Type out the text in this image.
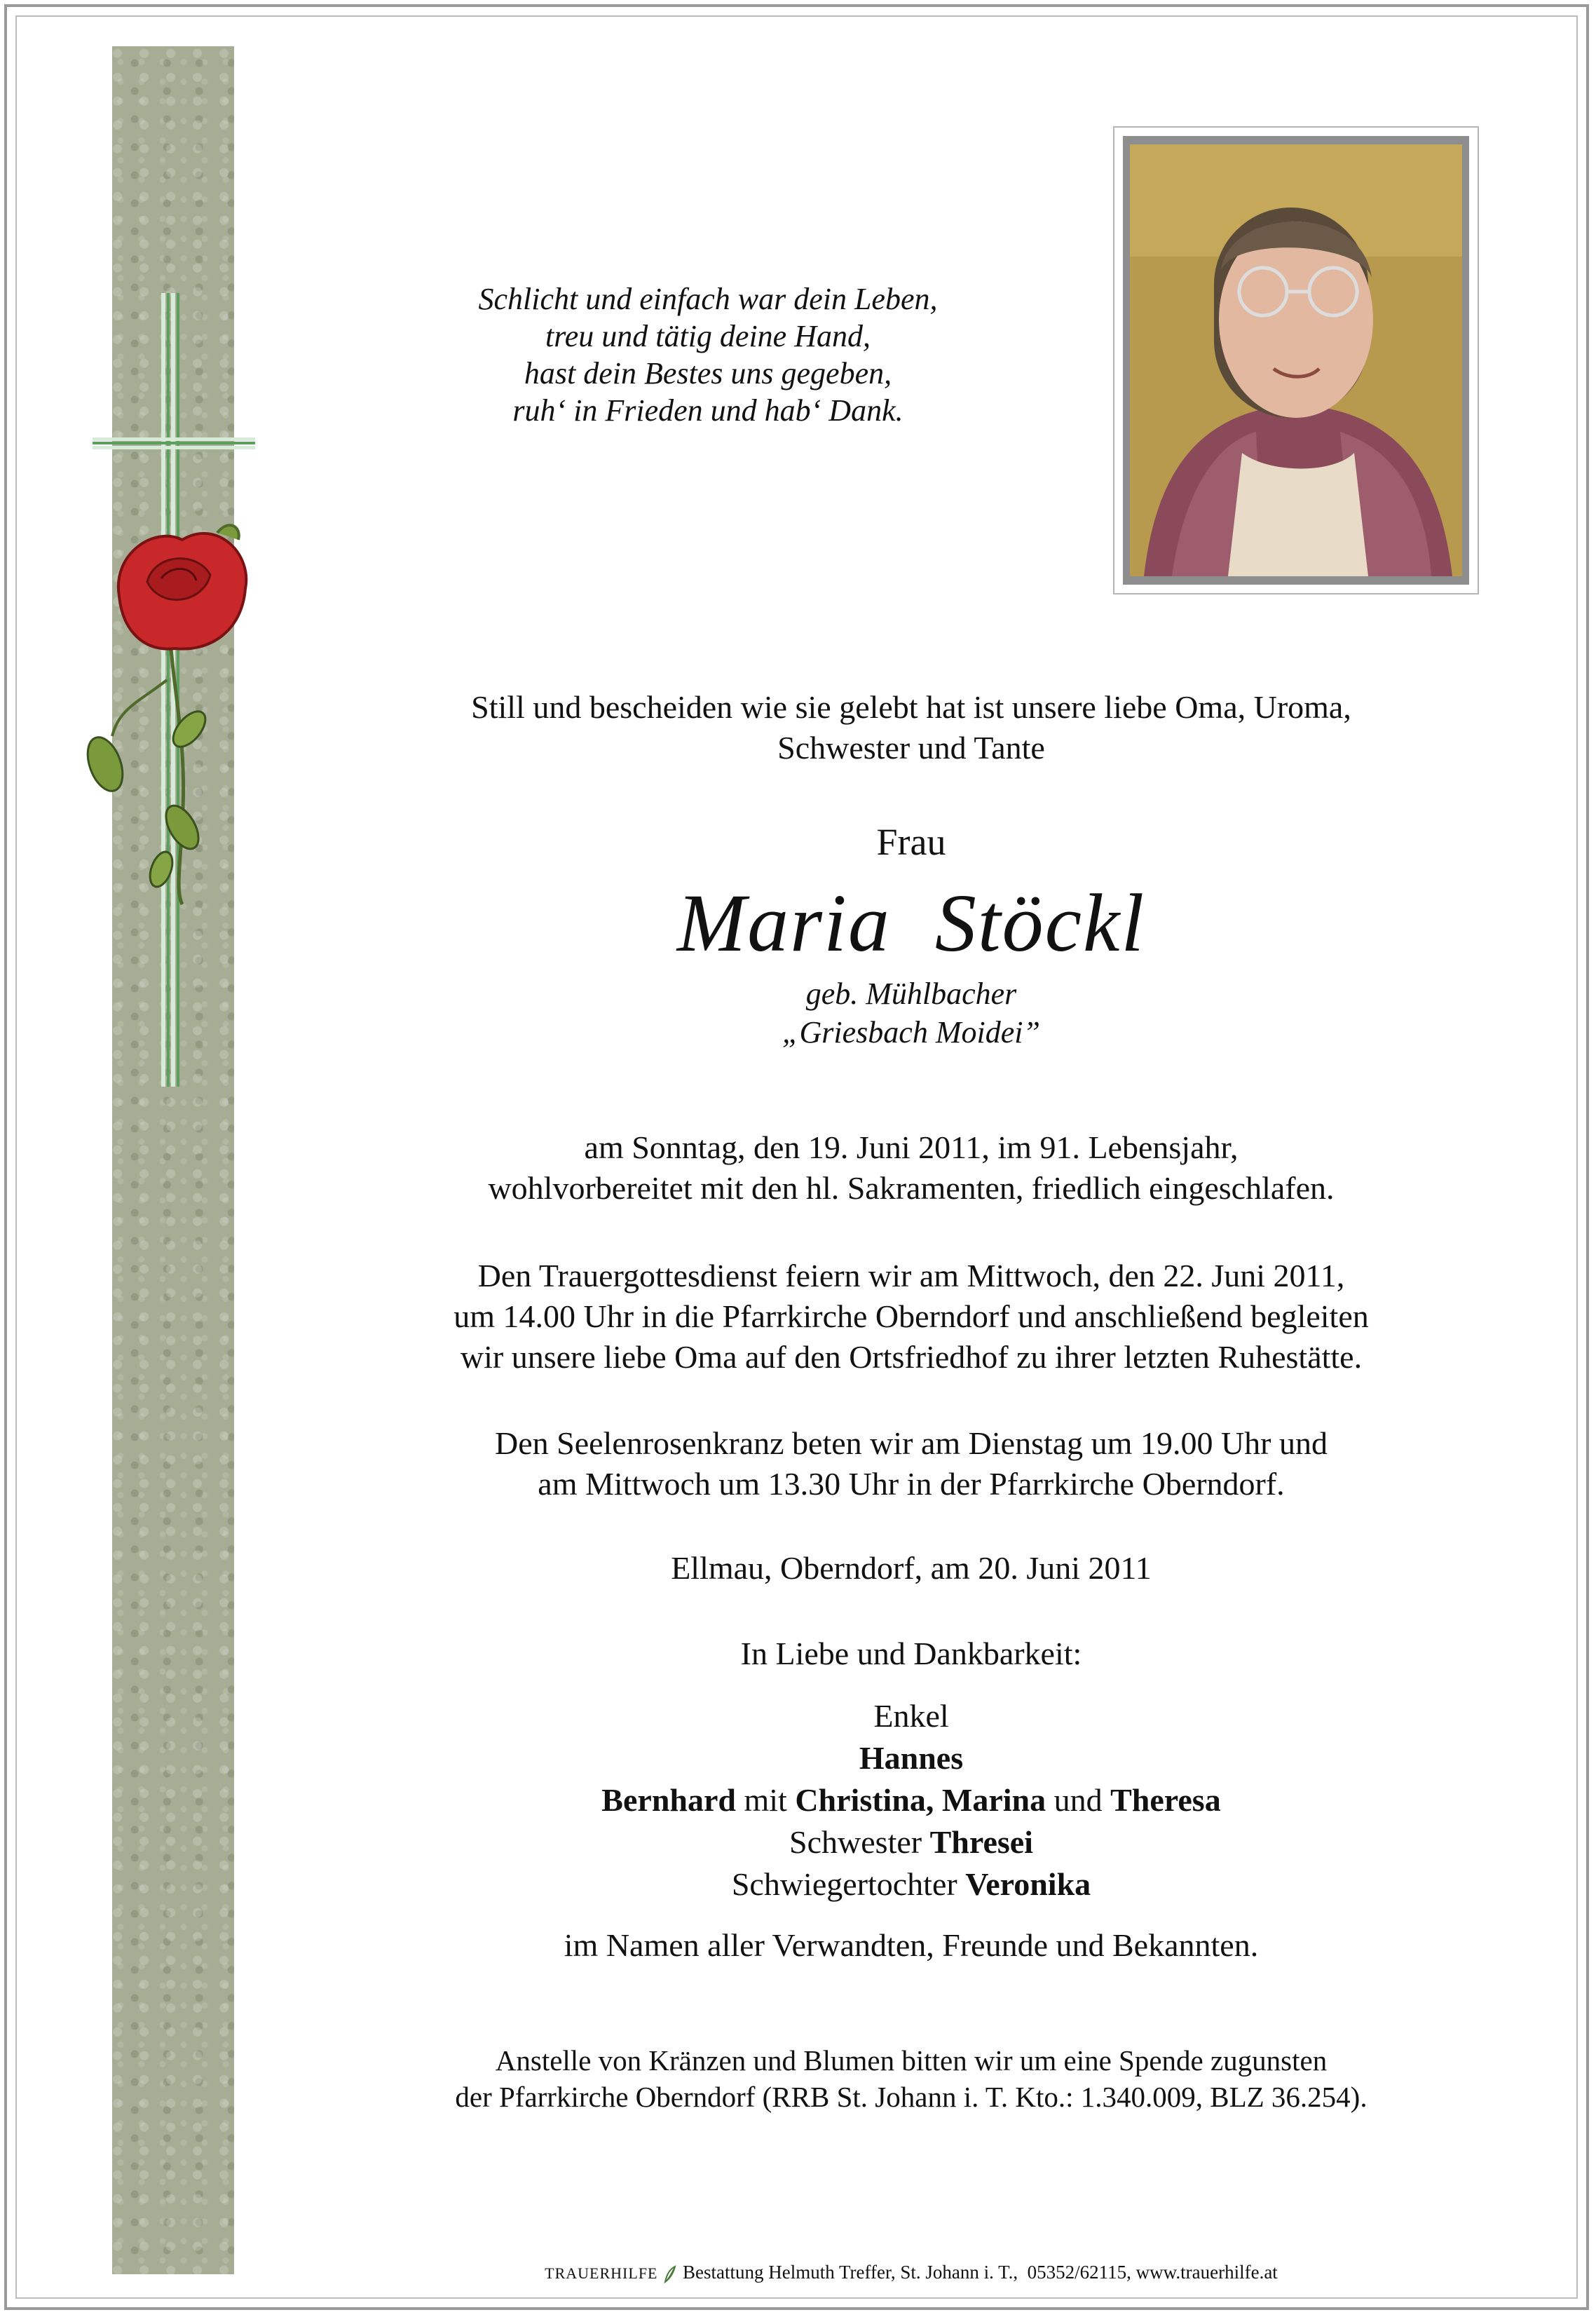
Schlicht und einfach war dein Leben,
treu und tätig deine Hand,
hast dein Bestes uns gegeben,
ruh‘ in Frieden und hab‘ Dank.
Still und bescheiden wie sie gelebt hat ist unsere liebe Oma, Uroma,
Schwester und Tante
Frau
Maria  Stöckl
geb. Mühlbacher
„Griesbach Moidei”
am Sonntag, den 19. Juni 2011, im 91. Lebensjahr,
wohlvorbereitet mit den hl. Sakramenten, friedlich eingeschlafen.
Den Trauergottesdienst feiern wir am Mittwoch, den 22. Juni 2011,
um 14.00 Uhr in die Pfarrkirche Oberndorf und anschließend begleiten
wir unsere liebe Oma auf den Ortsfriedhof zu ihrer letzten Ruhestätte.
Den Seelenrosenkranz beten wir am Dienstag um 19.00 Uhr und
am Mittwoch um 13.30 Uhr in der Pfarrkirche Oberndorf.
Ellmau, Oberndorf, am 20. Juni 2011
In Liebe und Dankbarkeit:
Enkel
Hannes
Bernhard mit Christina, Marina und Theresa
Schwester Thresei
Schwiegertochter Veronika
im Namen aller Verwandten, Freunde und Bekannten.
Anstelle von Kränzen und Blumen bitten wir um eine Spende zugunsten
der Pfarrkirche Oberndorf (RRB St. Johann i. T. Kto.: 1.340.009, BLZ 36.254).
TRAUERHILFE Bestattung Helmuth Treffer, St. Johann i. T.,  05352/62115, www.trauerhilfe.at
